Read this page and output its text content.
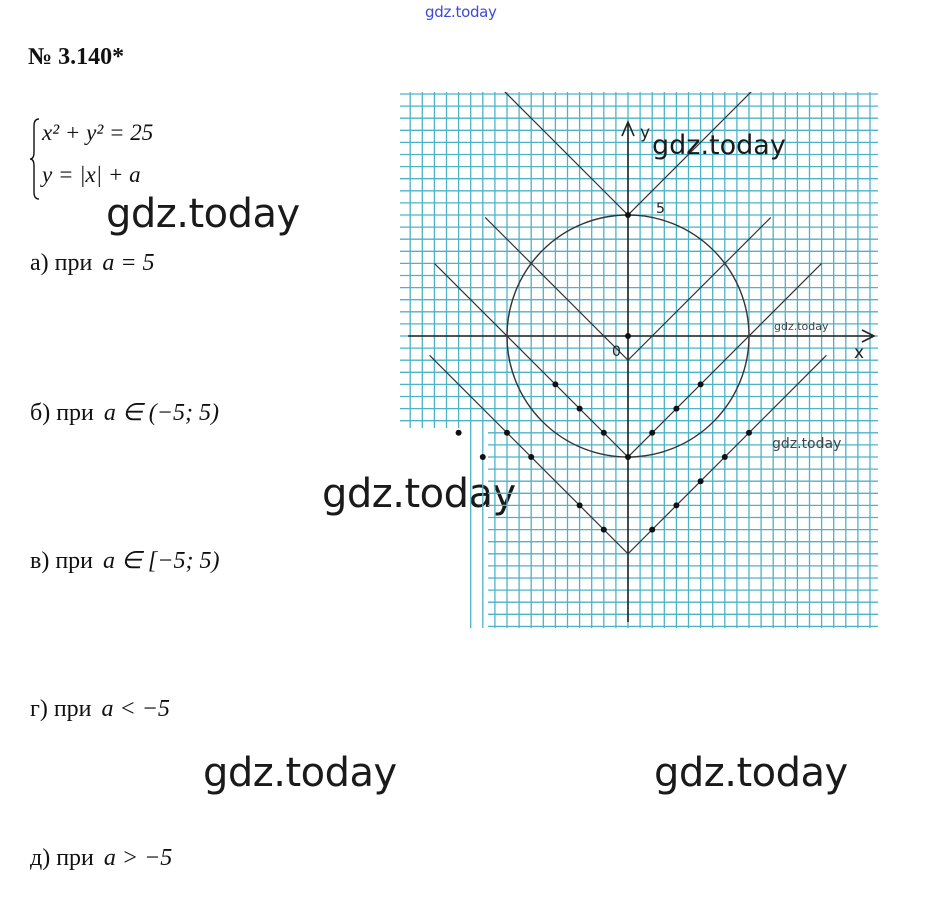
gdz.today
№ 3.140*
x² + y² = 25
y = |x| + a
gdz.today
gdz.today
gdz.today	gdz.today
а) при a = 5
б) при a ∈ (−5; 5)
в) при a ∈ [−5; 5)
г) при a < −5
д) при a > −5
y
x
0
5
gdz.today
gdz.today
gdz.today
